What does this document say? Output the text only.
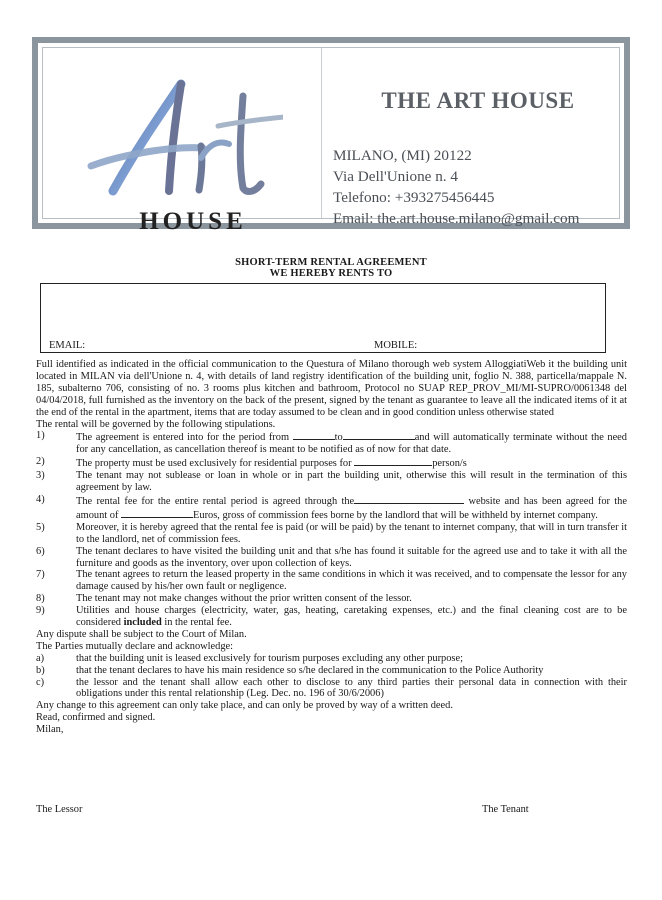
HOUSE
THE ART HOUSE
MILANO, (MI) 20122
Via Dell'Unione n. 4
Telefono: +393275456445
Email: the.art.house.milano@gmail.com
SHORT-TERM RENTAL AGREEMENT
WE HEREBY RENTS TO
EMAIL:	MOBILE:

Full identified as indicated in the official communication to the Questura of Milano thorough web system AlloggiatiWeb it the building unit located in MILAN via dell'Unione n. 4, with details of land registry identification of the building unit, foglio N. 388, particella/mappale N. 185, subalterno 706, consisting of no. 3 rooms plus kitchen and bathroom, Protocol no SUAP REP_PROV_MI/MI-SUPRO/0061348 del 04/04/2018, full furnished as the inventory on the back of the present, signed by the tenant as guarantee to leave all the indicated items of it at the end of the rental in the apartment, items that are today assumed to be clean and in good condition unless otherwise stated

The rental will be governed by the following stipulations.

1)	The agreement is entered into for the period from	to	and will automatically terminate without the need for any cancellation, as cancellation thereof is meant to be notified as of now for that date.
2)	The property must be used exclusively for residential purposes for	person/s
3)	The tenant may not sublease or loan in whole or in part the building unit, otherwise this will result in the termination of this agreement by law.
4)	The rental fee for the entire rental period is agreed through the	website and has been agreed for the amount of	Euros, gross of commission fees borne by the landlord that will be withheld by internet company.
5)	Moreover, it is hereby agreed that the rental fee is paid (or will be paid) by the tenant to internet company, that will in turn transfer it to the landlord, net of commission fees.
6)	The tenant declares to have visited the building unit and that s/he has found it suitable for the agreed use and to take it with all the furniture and goods as the inventory, over upon collection of keys.
7)	The tenant agrees to return the leased property in the same conditions in which it was received, and to compensate the lessor for any damage caused by his/her own fault or negligence.
8)	The tenant may not make changes without the prior written consent of the lessor.
9)	Utilities and house charges (electricity, water, gas, heating, caretaking expenses, etc.) and the final cleaning cost are to be considered included in the rental fee.

Any dispute shall be subject to the Court of Milan.

The Parties mutually declare and acknowledge:

a)	that the building unit is leased exclusively for tourism purposes excluding any other purpose;
b)	that the tenant declares to have his main residence so s/he declared in the communication to the Police Authority
c)	the lessor and the tenant shall allow each other to disclose to any third parties their personal data in connection with their obligations under this rental relationship (Leg. Dec. no. 196 of 30/6/2006)

Any change to this agreement can only take place, and can only be proved by way of a written deed.

Read, confirmed and signed.

Milan,

The Lessor	The Tenant
